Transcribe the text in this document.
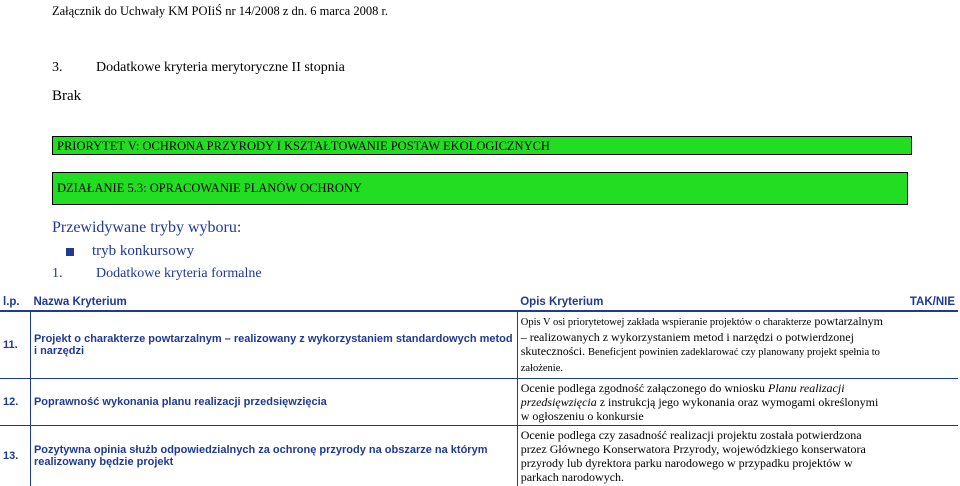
Załącznik do Uchwały KM POIiŚ nr 14/2008 z dn. 6 marca 2008 r.
3. Dodatkowe kryteria merytoryczne II stopnia
Brak
PRIORYTET V: OCHRONA PRZYRODY I KSZTAŁTOWANIE POSTAW EKOLOGICZNYCH
DZIAŁANIE 5.3: OPRACOWANIE PLANÓW OCHRONY
Przewidywane tryby wyboru:
tryb konkursowy
1. Dodatkowe kryteria formalne
l.p.	Nazwa Kryterium	Opis Kryterium	TAK/NIE
11.	Projekt o charakterze powtarzalnym – realizowany z wykorzystaniem standardowych metod i narzędzi	Opis V osi priorytetowej zakłada wspieranie projektów o charakterze powtarzalnym – realizowanych z wykorzystaniem metod i narzędzi o potwierdzonej skuteczności. Beneficjent powinien zadeklarować czy planowany projekt spełnia to założenie.	
12.	Poprawność wykonania planu realizacji przedsięwzięcia	Ocenie podlega zgodność załączonego do wniosku Planu realizacji przedsięwzięcia z instrukcją jego wykonania oraz wymogami określonymi w ogłoszeniu o konkursie	
13.	Pozytywna opinia służb odpowiedzialnych za ochronę przyrody na obszarze na którym realizowany będzie projekt	Ocenie podlega czy zasadność realizacji projektu została potwierdzona przez Głównego Konserwatora Przyrody, wojewódzkiego konserwatora przyrody lub dyrektora parku narodowego w przypadku projektów w parkach narodowych.	
